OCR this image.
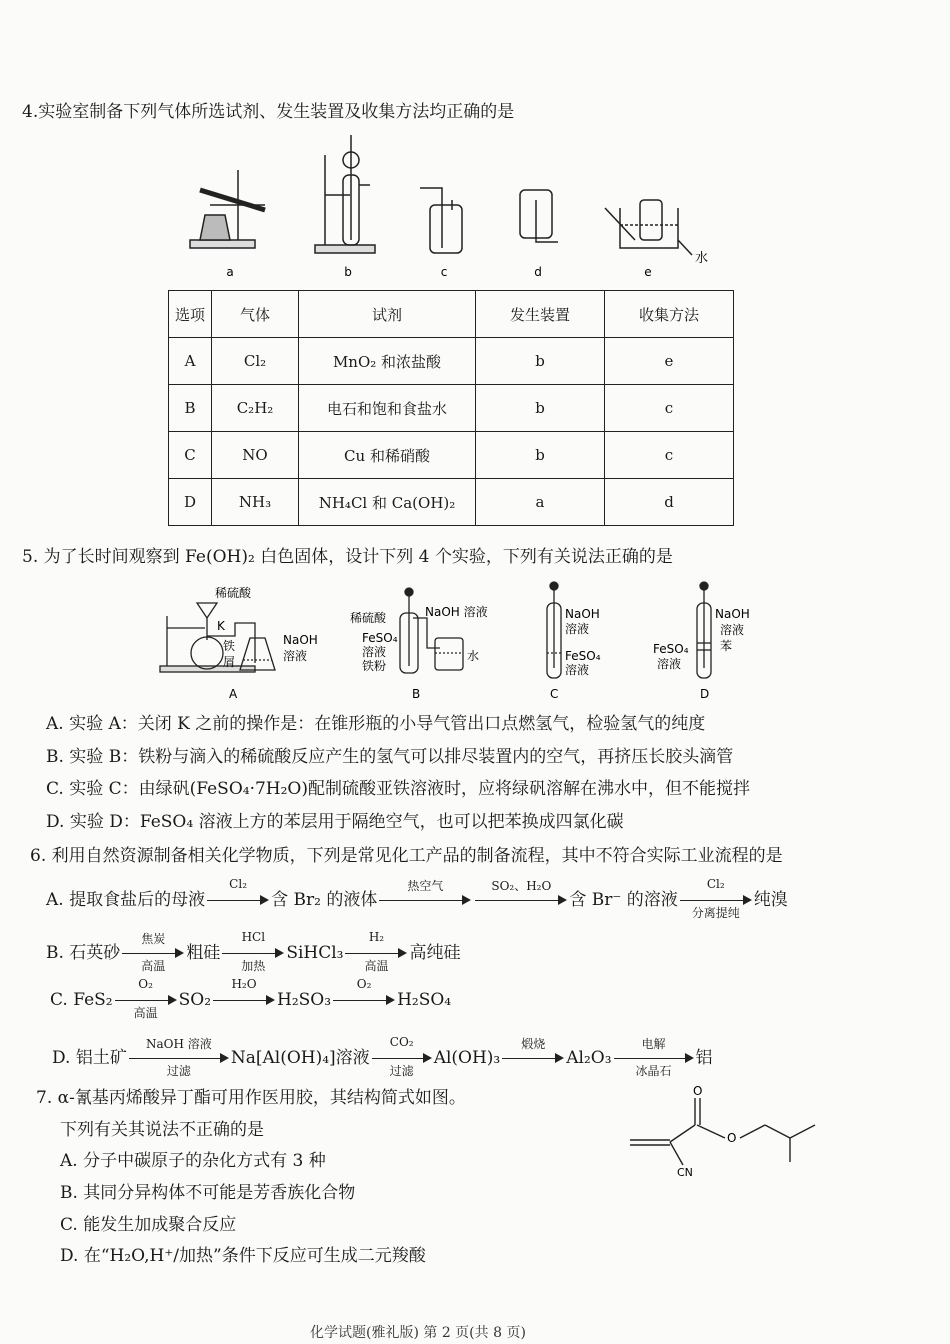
4.实验室制备下列气体所选试剂、发生装置及收集方法均正确的是
a	b	c	d	e
水
选项	气体	试剂	发生装置	收集方法
A	Cl₂	MnO₂ 和浓盐酸	b	e
B	C₂H₂	电石和饱和食盐水	b	c
C	NO	Cu 和稀硝酸	b	c
D	NH₃	NH₄Cl 和 Ca(OH)₂	a	d
5. 为了长时间观察到 Fe(OH)₂ 白色固体，设计下列 4 个实验，下列有关说法正确的是
稀硫酸
K
铁
屑
NaOH
溶液
稀硫酸	NaOH 溶液
FeSO₄
溶液
铁粉
水
NaOH
溶液
FeSO₄
溶液
NaOH
溶液
FeSO₄
溶液
苯
A	B	C	D
A. 实验 A：关闭 K 之前的操作是：在锥形瓶的小导气管出口点燃氢气，检验氢气的纯度
B. 实验 B：铁粉与滴入的稀硫酸反应产生的氢气可以排尽装置内的空气，再挤压长胶头滴管
C. 实验 C：由绿矾(FeSO₄·7H₂O)配制硫酸亚铁溶液时，应将绿矾溶解在沸水中，但不能搅拌
D. 实验 D：FeSO₄ 溶液上方的苯层用于隔绝空气，也可以把苯换成四氯化碳
6. 利用自然资源制备相关化学物质，下列是常见化工产品的制备流程，其中不符合实际工业流程的是
A. 提取食盐后的母液
Cl₂
含 Br₂ 的液体
热空气	SO₂、H₂O
含 Br⁻ 的溶液
Cl₂
分离提纯
纯溴
B. 石英砂
焦炭
高温
粗硅
HCl
加热
SiHCl₃
H₂
高温
高纯硅
C. FeS₂
O₂
高温
SO₂
H₂O
H₂SO₃
O₂
H₂SO₄
D. 铝土矿
NaOH 溶液
过滤
Na[Al(OH)₄]溶液
CO₂
过滤
Al(OH)₃
煅烧
Al₂O₃
电解
冰晶石
铝
7. α-氰基丙烯酸异丁酯可用作医用胶，其结构简式如图。
下列有关其说法不正确的是
A. 分子中碳原子的杂化方式有 3 种
B. 其同分异构体不可能是芳香族化合物
C. 能发生加成聚合反应
D. 在“H₂O,H⁺/加热”条件下反应可生成二元羧酸
O
O
CN
化学试题(雅礼版) 第 2 页(共 8 页)
